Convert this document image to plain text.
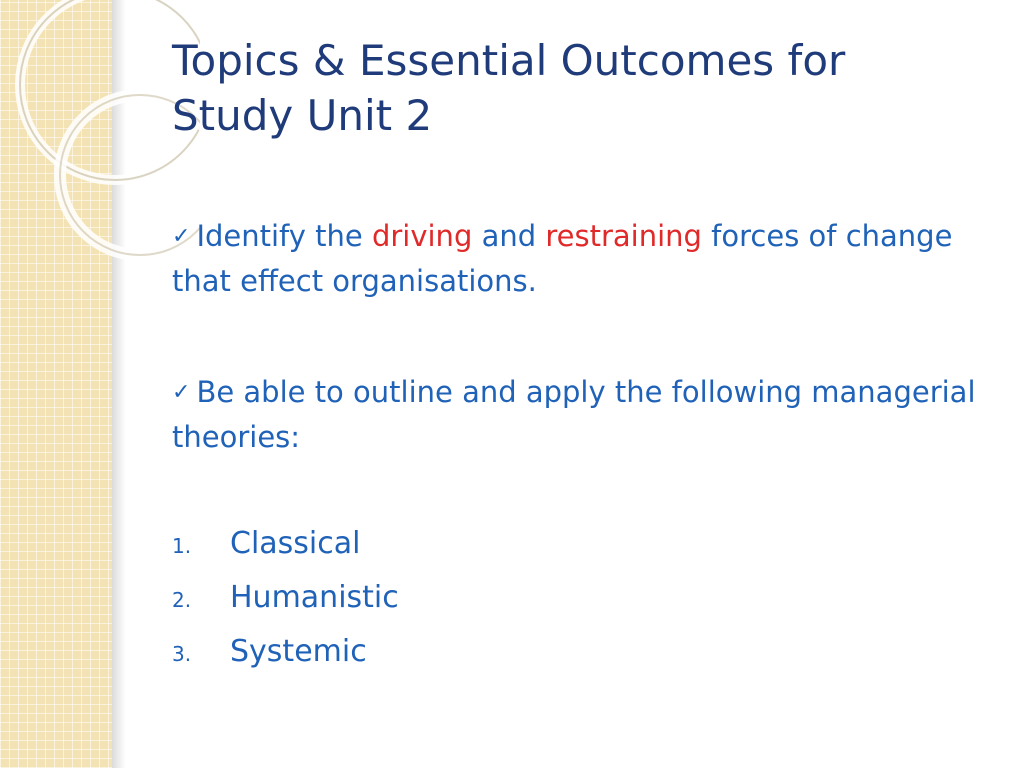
Topics & Essential Outcomes for
Study Unit 2

✓ Identify the driving and restraining forces of change that effect organisations.

✓ Be able to outline and apply the following managerial theories:

1.	Classical
2.	Humanistic
3.	Systemic
